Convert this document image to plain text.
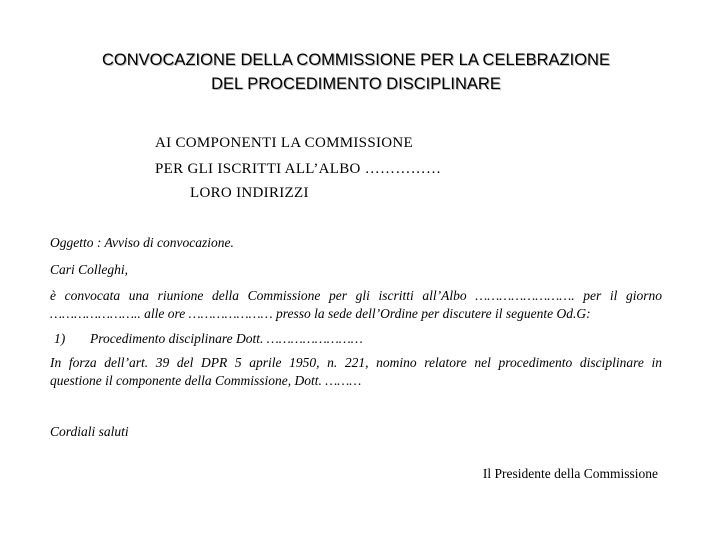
CONVOCAZIONE DELLA COMMISSIONE PER LA CELEBRAZIONE
DEL PROCEDIMENTO DISCIPLINARE
AI COMPONENTI LA COMMISSIONE
PER GLI ISCRITTI ALL’ALBO ……………
LORO INDIRIZZI
Oggetto : Avviso di convocazione.
Cari Colleghi,
è convocata una riunione della Commissione per gli iscritti all’Albo ……………………. per il giorno
………………….. alle ore ………………… presso la sede dell’Ordine per discutere il seguente Od.G:
1) Procedimento disciplinare Dott. ……………………
In forza dell’art. 39 del DPR 5 aprile 1950, n. 221, nomino relatore nel procedimento disciplinare in
questione il componente della Commissione, Dott. ………
Cordiali saluti
Il Presidente della Commissione
